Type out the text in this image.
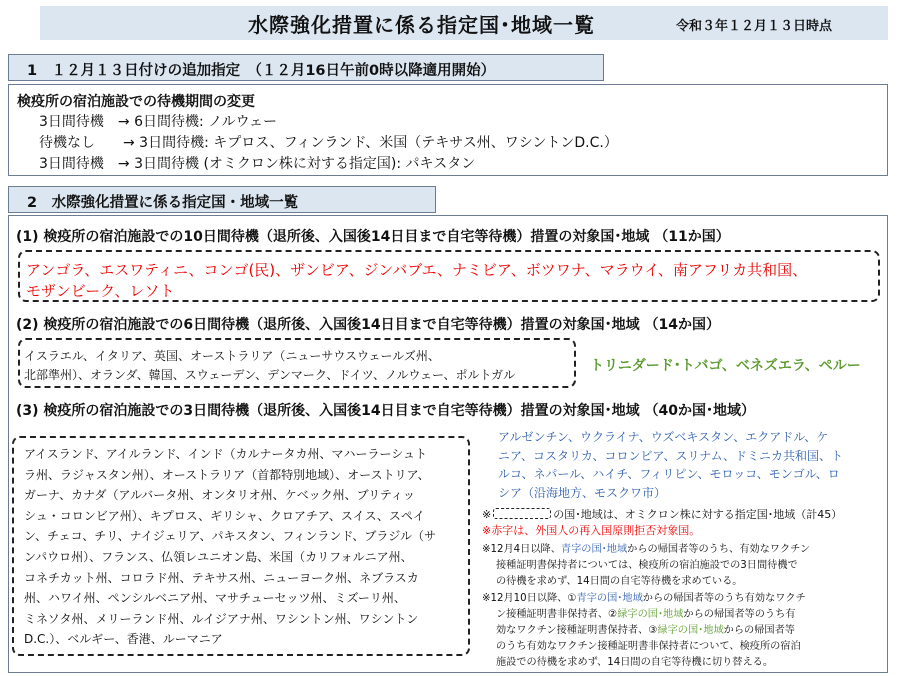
水際強化措置に係る指定国･地域一覧	令和３年１２月１３日時点
1　１２月１３日付けの追加指定　（１２月16日午前0時以降適用開始）
検疫所の宿泊施設での待機期間の変更
3日間待機　→ 6日間待機: ノルウェー
待機なし　　→ 3日間待機: キプロス、フィンランド、米国（テキサス州、ワシントンD.C.）
3日間待機　→ 3日間待機 (オミクロン株に対する指定国): パキスタン
2　水際強化措置に係る指定国・地域一覧
(1) 検疫所の宿泊施設での10日間待機（退所後、入国後14日目まで自宅等待機）措置の対象国･地域 （11か国）
アンゴラ、エスワティニ、コンゴ(民)、ザンビア、ジンバブエ、ナミビア、ボツワナ、マラウイ、南アフリカ共和国、
モザンビーク、レソト
(2) 検疫所の宿泊施設での6日間待機（退所後、入国後14日目まで自宅等待機）措置の対象国･地域 （14か国）
イスラエル、イタリア、英国、オーストラリア（ニューサウスウェールズ州、
北部準州）、オランダ、韓国、スウェーデン、デンマーク、ドイツ、ノルウェー、ポルトガル
トリニダード･トバゴ、ベネズエラ、ペルー
(3) 検疫所の宿泊施設での3日間待機（退所後、入国後14日目まで自宅等待機）措置の対象国･地域 （40か国･地域）
アイスランド、アイルランド、インド（カルナータカ州、マハーラーシュト
ラ州、ラジャスタン州）、オーストラリア（首都特別地域）、オーストリア、
ガーナ、カナダ（アルバータ州、オンタリオ州、ケベック州、ブリティッ
シュ・コロンビア州）、キプロス、ギリシャ、クロアチア、スイス、スペイ
ン、チェコ、チリ、ナイジェリア、パキスタン、フィンランド、ブラジル（サ
ンパウロ州）、フランス、仏領レユニオン島、米国（カリフォルニア州、
コネチカット州、コロラド州、テキサス州、ニューヨーク州、ネブラスカ
州、ハワイ州、ペンシルベニア州、マサチューセッツ州、ミズーリ州、
ミネソタ州、メリーランド州、ルイジアナ州、ワシントン州、ワシントン
D.C.）、ベルギー、香港、ルーマニア
アルゼンチン、ウクライナ、ウズベキスタン、エクアドル、ケ
ニア、コスタリカ、コロンビア、スリナム、ドミニカ共和国、ト
ルコ、ネパール、ハイチ、フィリピン、モロッコ、モンゴル、ロ
シア（沿海地方、モスクワ市）
※	の国･地域は、オミクロン株に対する指定国･地域（計45）
※赤字は、外国人の再入国原則拒否対象国。
※12月4日以降、青字の国･地域からの帰国者等のうち、有効なワクチン
接種証明書保持者については、検疫所の宿泊施設での3日間待機で
の待機を求めず、14日間の自宅等待機を求めている。
※12月10日以降、①青字の国･地域からの帰国者等のうち有効なワクチ
ン接種証明書非保持者、②緑字の国･地域からの帰国者等のうち有
効なワクチン接種証明書保持者、③緑字の国･地域からの帰国者等
のうち有効なワクチン接種証明書非保持者について、検疫所の宿泊
施設での待機を求めず、14日間の自宅等待機に切り替える。
